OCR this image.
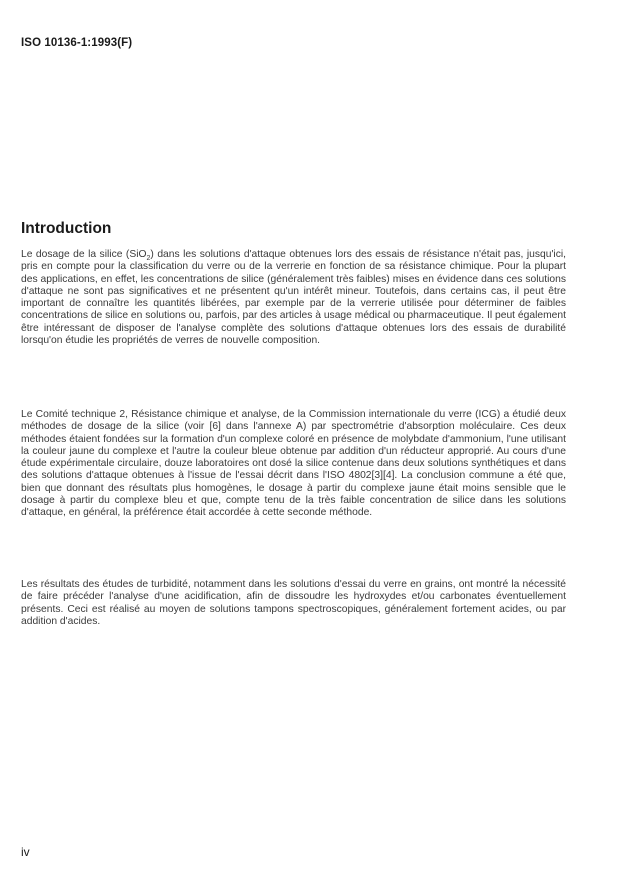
ISO 10136-1:1993(F)
Introduction

Le dosage de la silice (SiO$_2$) dans les solutions d'attaque obtenues lors des essais de résistance n'était pas, jusqu'ici, pris en compte pour la classification du verre ou de la verrerie en fonction de sa résistance chimique. Pour la plupart des applications, en effet, les concentrations de silice (généralement très faibles) mises en évidence dans ces solutions d'attaque ne sont pas significatives et ne présentent qu'un intérêt mineur. Toutefois, dans certains cas, il peut être important de connaître les quantités libérées, par exemple par de la verrerie utilisée pour déterminer de faibles concentrations de silice en solutions ou, parfois, par des articles à usage médical ou pharmaceutique. Il peut également être intéressant de disposer de l'analyse complète des solutions d'attaque obtenues lors des essais de durabilité lorsqu'on étudie les propriétés de verres de nouvelle composition.

Le Comité technique 2, Résistance chimique et analyse, de la Commission internationale du verre (ICG) a étudié deux méthodes de dosage de la silice (voir [6] dans l'annexe A) par spectrométrie d'absorption moléculaire. Ces deux méthodes étaient fondées sur la formation d'un complexe coloré en présence de molybdate d'ammonium, l'une utilisant la couleur jaune du complexe et l'autre la couleur bleue obtenue par addition d'un réducteur approprié. Au cours d'une étude expérimentale circulaire, douze laboratoires ont dosé la silice contenue dans deux solutions synthétiques et dans des solutions d'attaque obtenues à l'issue de l'essai décrit dans l'ISO 4802[3][4]. La conclusion commune a été que, bien que donnant des résultats plus homogènes, le dosage à partir du complexe jaune était moins sensible que le dosage à partir du complexe bleu et que, compte tenu de la très faible concentration de silice dans les solutions d'attaque, en général, la préférence était accordée à cette seconde méthode.

Les résultats des études de turbidité, notamment dans les solutions d'essai du verre en grains, ont montré la nécessité de faire précéder l'analyse d'une acidification, afin de dissoudre les hydroxydes et/ou carbonates éventuellement présents. Ceci est réalisé au moyen de solutions tampons spectroscopiques, généralement fortement acides, ou par addition d'acides.

iv
